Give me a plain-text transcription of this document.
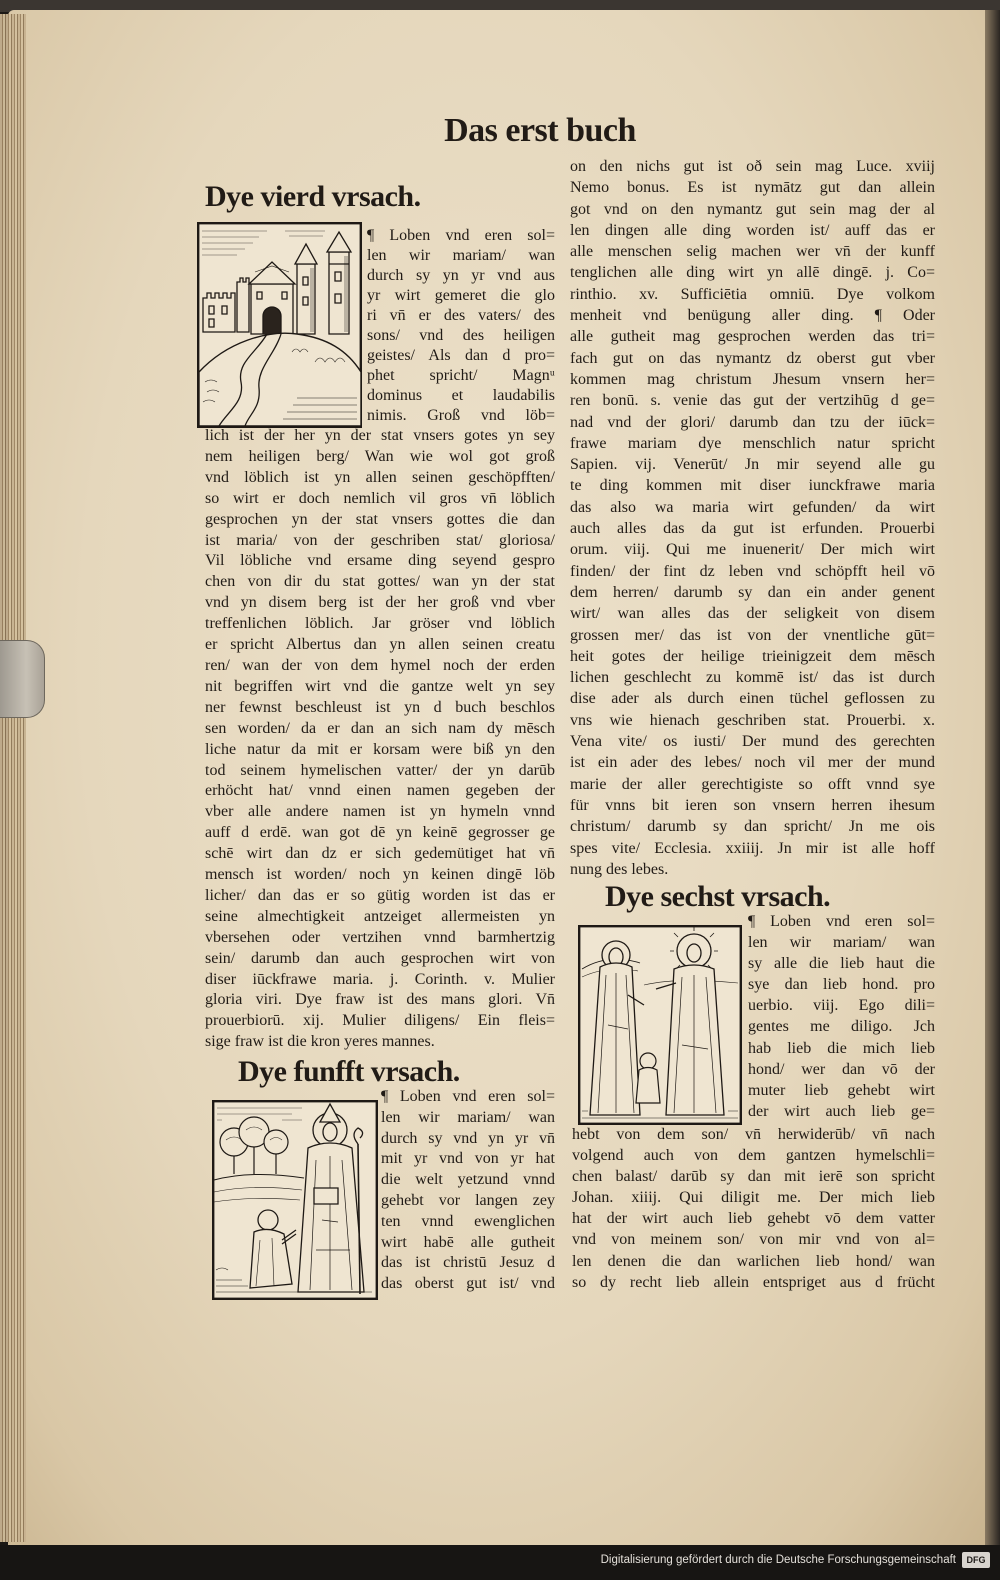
Das erst buch
Dye vierd vrsach.
¶ Loben vnd eren sol=
len wir mariam/ wan
durch sy yn yr vnd aus
yr wirt gemeret die glo
ri vn̄ er des vaters/ des
sons/ vnd des heiligen
geistes/ Als dan d pro=
phet spricht/ Magnᵘ
dominus et laudabilis
nimis. Groß vnd löb=
lich ist der her yn der stat vnsers gotes yn sey
nem heiligen berg/ Wan wie wol got groß
vnd löblich ist yn allen seinen geschöpfften/
so wirt er doch nemlich vil gros vn̄ löblich
gesprochen yn der stat vnsers gottes die dan
ist maria/ von der geschriben stat/ gloriosa/
Vil löbliche vnd ersame ding seyend gespro
chen von dir du stat gottes/ wan yn der stat
vnd yn disem berg ist der her groß vnd vber
treffenlichen löblich. Jar gröser vnd löblich
er spricht Albertus dan yn allen seinen creatu
ren/ wan der von dem hymel noch der erden
nit begriffen wirt vnd die gantze welt yn sey
ner fewnst beschleust ist yn d buch beschlos
sen worden/ da er dan an sich nam dy mēsch
liche natur da mit er korsam were biß yn den
tod seinem hymelischen vatter/ der yn darūb
erhöcht hat/ vnnd einen namen gegeben der
vber alle andere namen ist yn hymeln vnnd
auff d erdē. wan got dē yn keinē gegrosser ge
schē wirt dan dz er sich gedemütiget hat vn̄
mensch ist worden/ noch yn keinen dingē löb
licher/ dan das er so gütig worden ist das er
seine almechtigkeit antzeiget allermeisten yn
vbersehen oder vertzihen vnnd barmhertzig
sein/ darumb dan auch gesprochen wirt von
diser iūckfrawe maria. j. Corinth. v. Mulier
gloria viri. Dye fraw ist des mans glori. Vn̄
prouerbiorū. xij. Mulier diligens/ Ein fleis=
sige fraw ist die kron yeres mannes.
Dye funfft vrsach.
¶ Loben vnd eren sol=
len wir mariam/ wan
durch sy vnd yn yr vn̄
mit yr vnd von yr hat
die welt yetzund vnnd
gehebt vor langen zey
ten vnnd ewenglichen
wirt habē alle gutheit
das ist christū Jesuz d
das oberst gut ist/ vnd
on den nichs gut ist oð sein mag Luce. xviij
Nemo bonus. Es ist nymātz gut dan allein
got vnd on den nymantz gut sein mag der al
len dingen alle ding worden ist/ auff das er
alle menschen selig machen wer vn̄ der kunff
tenglichen alle ding wirt yn allē dingē. j. Co=
rinthio. xv. Sufficiētia omniū. Dye volkom
menheit vnd benügung aller ding. ¶ Oder
alle gutheit mag gesprochen werden das tri=
fach gut on das nymantz dz oberst gut vber
kommen mag christum Jhesum vnsern her=
ren bonū. s. venie das gut der vertzihūg d ge=
nad vnd der glori/ darumb dan tzu der iūck=
frawe mariam dye menschlich natur spricht
Sapien. vij. Venerūt/ Jn mir seyend alle gu
te ding kommen mit diser iunckfrawe maria
das also wa maria wirt gefunden/ da wirt
auch alles das da gut ist erfunden. Prouerbi
orum. viij. Qui me inuenerit/ Der mich wirt
finden/ der fint dz leben vnd schöpfft heil vō
dem herren/ darumb sy dan ein ander genent
wirt/ wan alles das der seligkeit von disem
grossen mer/ das ist von der vnentliche gūt=
heit gotes der heilige trieinigzeit dem mēsch
lichen geschlecht zu kommē ist/ das ist durch
dise ader als durch einen tüchel geflossen zu
vns wie hienach geschriben stat. Prouerbi. x.
Vena vite/ os iusti/ Der mund des gerechten
ist ein ader des lebes/ noch vil mer der mund
marie der aller gerechtigiste so offt vnnd sye
für vnns bit ieren son vnsern herren ihesum
christum/ darumb sy dan spricht/ Jn me ois
spes vite/ Ecclesia. xxiiij. Jn mir ist alle hoff
nung des lebes.
Dye sechst vrsach.
¶ Loben vnd eren sol=
len wir mariam/ wan
sy alle die lieb haut die
sye dan lieb hond. pro
uerbio. viij. Ego dili=
gentes me diligo. Jch
hab lieb die mich lieb
hond/ wer dan vō der
muter lieb gehebt wirt
der wirt auch lieb ge=
hebt von dem son/ vn̄ herwiderūb/ vn̄ nach
volgend auch von dem gantzen hymelschli=
chen balast/ darūb sy dan mit ierē son spricht
Johan. xiiij. Qui diligit me. Der mich lieb
hat der wirt auch lieb gehebt vō dem vatter
vnd von meinem son/ von mir vnd von al=
len denen die dan warlichen lieb hond/ wan
so dy recht lieb allein entspriget aus d frücht
Digitalisierung gefördert durch die Deutsche Forschungsgemeinschaft	DFG
